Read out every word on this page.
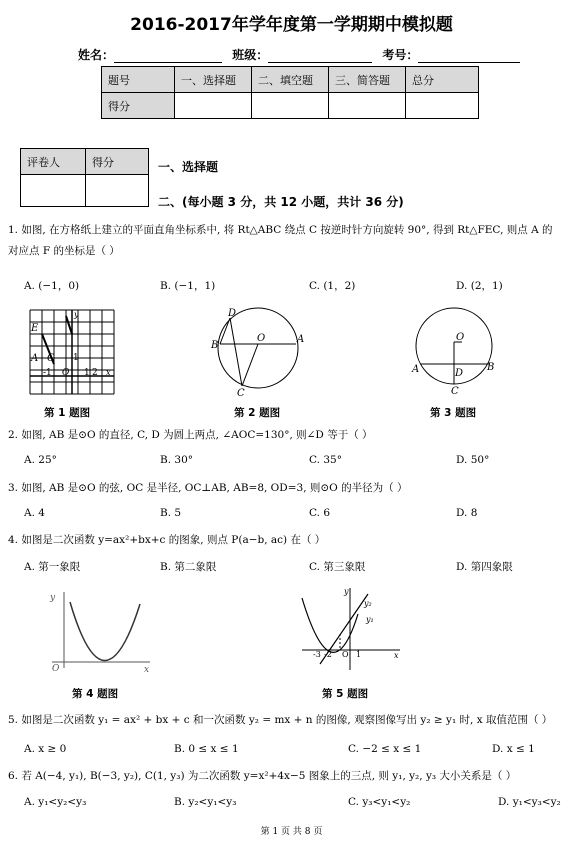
2016-2017年学年度第一学期期中模拟题
姓名：	班级：	考号：
题号	一、选择题	二、填空题	三、简答题	总分
得分				
评卷人	得分
		一、选择题
二、(每小题 3 分，共 12 小题，共计 36 分)
1. 如图, 在方格纸上建立的平面直角坐标系中, 将 Rt△ABC 绕点 C 按逆时针方向旋转 90°, 得到 Rt△FEC, 则点 A 的
对应点 F 的坐标是（ ）
A. (−1，0)	B. (−1，1)	C. (1，2)	D. (2，1)
E
A C
y
1
-1 O 1 2 x
D
B
O	A
C
O
A	D
B
C
第 1 题图	第 2 题图	第 3 题图
2. 如图, AB 是⊙O 的直径, C, D 为圆上两点, ∠AOC=130°, 则∠D 等于（ ）
A. 25°	B. 30°	C. 35°	D. 50°
3. 如图, AB 是⊙O 的弦, OC 是半径, OC⊥AB, AB=8, OD=3, 则⊙O 的半径为（ ）
A. 4	B. 5	C. 6	D. 8
4. 如图是二次函数 y=ax²+bx+c 的图象, 则点 P(a−b, ac) 在（ ）
A. 第一象限	B. 第二象限	C. 第三象限	D. 第四象限
y
O	x
y
y₁
y₂
-3 -2 O 1	x
第 4 题图	第 5 题图
5. 如图是二次函数 y₁ = ax² + bx + c 和一次函数 y₂ = mx + n 的图像, 观察图像写出 y₂ ≥ y₁ 时, x 取值范围（ ）
A. x ≥ 0	B. 0 ≤ x ≤ 1	C. −2 ≤ x ≤ 1	D. x ≤ 1
6. 若 A(−4, y₁), B(−3, y₂), C(1, y₃) 为二次函数 y=x²+4x−5 图象上的三点, 则 y₁, y₂, y₃ 大小关系是（ ）
A. y₁<y₂<y₃	B. y₂<y₁<y₃	C. y₃<y₁<y₂	D. y₁<y₃<y₂
第 1 页 共 8 页
